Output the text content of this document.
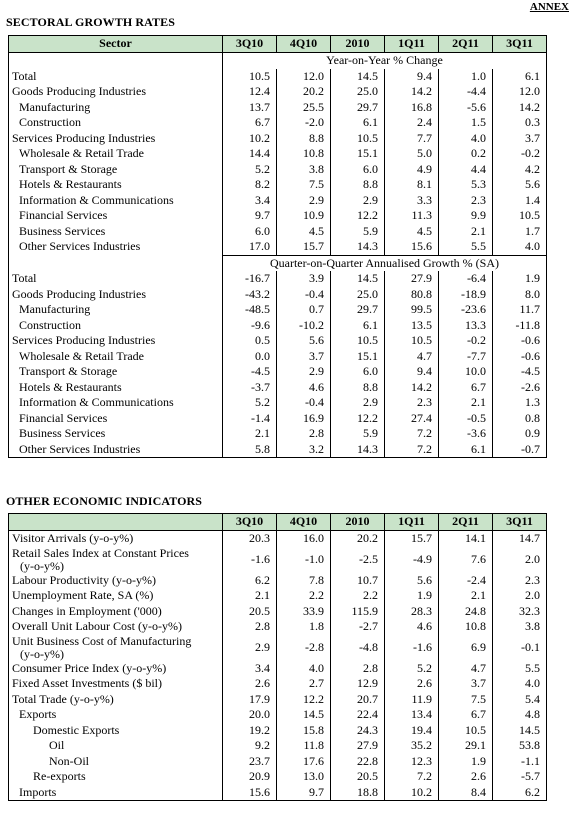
ANNEX
SECTORAL GROWTH RATES
Sector	3Q10	4Q10	2010	1Q11	2Q11	3Q11
	Year-on-Year % Change					
Total	10.5	12.0	14.5	9.4	1.0	6.1
Goods Producing Industries	12.4	20.2	25.0	14.2	-4.4	12.0
Manufacturing	13.7	25.5	29.7	16.8	-5.6	14.2
Construction	6.7	-2.0	6.1	2.4	1.5	0.3
Services Producing Industries	10.2	8.8	10.5	7.7	4.0	3.7
Wholesale & Retail Trade	14.4	10.8	15.1	5.0	0.2	-0.2
Transport & Storage	5.2	3.8	6.0	4.9	4.4	4.2
Hotels & Restaurants	8.2	7.5	8.8	8.1	5.3	5.6
Information & Communications	3.4	2.9	2.9	3.3	2.3	1.4
Financial Services	9.7	10.9	12.2	11.3	9.9	10.5
Business Services	6.0	4.5	5.9	4.5	2.1	1.7
Other Services Industries	17.0	15.7	14.3	15.6	5.5	4.0
	Quarter-on-Quarter Annualised Growth % (SA)					
Total	-16.7	3.9	14.5	27.9	-6.4	1.9
Goods Producing Industries	-43.2	-0.4	25.0	80.8	-18.9	8.0
Manufacturing	-48.5	0.7	29.7	99.5	-23.6	11.7
Construction	-9.6	-10.2	6.1	13.5	13.3	-11.8
Services Producing Industries	0.5	5.6	10.5	10.5	-0.2	-0.6
Wholesale & Retail Trade	0.0	3.7	15.1	4.7	-7.7	-0.6
Transport & Storage	-4.5	2.9	6.0	9.4	10.0	-4.5
Hotels & Restaurants	-3.7	4.6	8.8	14.2	6.7	-2.6
Information & Communications	5.2	-0.4	2.9	2.3	2.1	1.3
Financial Services	-1.4	16.9	12.2	27.4	-0.5	0.8
Business Services	2.1	2.8	5.9	7.2	-3.6	0.9
Other Services Industries	5.8	3.2	14.3	7.2	6.1	-0.7
OTHER ECONOMIC INDICATORS
	3Q10	4Q10	2010	1Q11	2Q11	3Q11
Visitor Arrivals (y-o-y%)	20.3	16.0	20.2	15.7	14.1	14.7
Retail Sales Index at Constant Prices
(y-o-y%)	-1.6	-1.0	-2.5	-4.9	7.6	2.0
Labour Productivity (y-o-y%)	6.2	7.8	10.7	5.6	-2.4	2.3
Unemployment Rate, SA (%)	2.1	2.2	2.2	1.9	2.1	2.0
Changes in Employment ('000)	20.5	33.9	115.9	28.3	24.8	32.3
Overall Unit Labour Cost (y-o-y%)	2.8	1.8	-2.7	4.6	10.8	3.8
Unit Business Cost of Manufacturing
(y-o-y%)	2.9	-2.8	-4.8	-1.6	6.9	-0.1
Consumer Price Index (y-o-y%)	3.4	4.0	2.8	5.2	4.7	5.5
Fixed Asset Investments ($ bil)	2.6	2.7	12.9	2.6	3.7	4.0
Total Trade (y-o-y%)	17.9	12.2	20.7	11.9	7.5	5.4
Exports	20.0	14.5	22.4	13.4	6.7	4.8
Domestic Exports	19.2	15.8	24.3	19.4	10.5	14.5
Oil	9.2	11.8	27.9	35.2	29.1	53.8
Non-Oil	23.7	17.6	22.8	12.3	1.9	-1.1
Re-exports	20.9	13.0	20.5	7.2	2.6	-5.7
Imports	15.6	9.7	18.8	10.2	8.4	6.2
